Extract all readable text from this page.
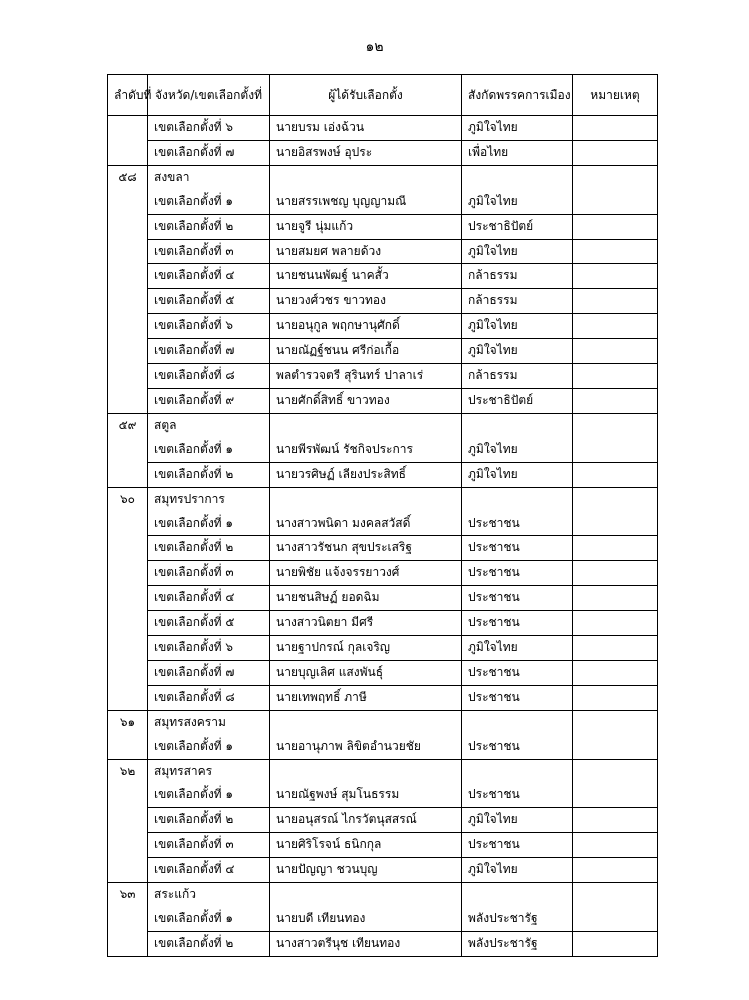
๑๒
ลำดับที่	จังหวัด/เขตเลือกตั้งที่	ผู้ได้รับเลือกตั้ง	สังกัดพรรคการเมือง	หมายเหตุ
	เขตเลือกตั้งที่ ๖	นายบรม เอ่งฉ้วน	ภูมิใจไทย	
	เขตเลือกตั้งที่ ๗	นายอิสรพงษ์ อุประ	เพื่อไทย	
๕๘	สงขลา			
	เขตเลือกตั้งที่ ๑	นายสรรเพชญ บุญญามณี	ภูมิใจไทย	
	เขตเลือกตั้งที่ ๒	นายจูรี นุ่มแก้ว	ประชาธิปัตย์	
	เขตเลือกตั้งที่ ๓	นายสมยศ พลายด้วง	ภูมิใจไทย	
	เขตเลือกตั้งที่ ๔	นายชนนพัฒฐ์ นาคสั้ว	กล้าธรรม	
	เขตเลือกตั้งที่ ๕	นายวงศ์วชร ขาวทอง	กล้าธรรม	
	เขตเลือกตั้งที่ ๖	นายอนุกูล พฤกษานุศักดิ์	ภูมิใจไทย	
	เขตเลือกตั้งที่ ๗	นายณัฏฐ์ชนน ศรีก่อเกื้อ	ภูมิใจไทย	
	เขตเลือกตั้งที่ ๘	พลตำรวจตรี สุรินทร์ ปาลาเร่	กล้าธรรม	
	เขตเลือกตั้งที่ ๙	นายศักดิ์สิทธิ์ ขาวทอง	ประชาธิปัตย์	
๕๙	สตูล			
	เขตเลือกตั้งที่ ๑	นายพีรพัฒน์ รัชกิจประการ	ภูมิใจไทย	
	เขตเลือกตั้งที่ ๒	นายวรศิษฏ์ เลียงประสิทธิ์	ภูมิใจไทย	
๖๐	สมุทรปราการ			
	เขตเลือกตั้งที่ ๑	นางสาวพนิดา มงคลสวัสดิ์	ประชาชน	
	เขตเลือกตั้งที่ ๒	นางสาวรัชนก สุขประเสริฐ	ประชาชน	
	เขตเลือกตั้งที่ ๓	นายพิชัย แจ้งจรรยาวงศ์	ประชาชน	
	เขตเลือกตั้งที่ ๔	นายชนสิษฏ์ ยอดฉิม	ประชาชน	
	เขตเลือกตั้งที่ ๕	นางสาวนิตยา มีศรี	ประชาชน	
	เขตเลือกตั้งที่ ๖	นายฐาปกรณ์ กุลเจริญ	ภูมิใจไทย	
	เขตเลือกตั้งที่ ๗	นายบุญเลิศ แสงพันธุ์	ประชาชน	
	เขตเลือกตั้งที่ ๘	นายเทพฤทธิ์ ภาษี	ประชาชน	
๖๑	สมุทรสงคราม			
	เขตเลือกตั้งที่ ๑	นายอานุภาพ ลิขิตอำนวยชัย	ประชาชน	
๖๒	สมุทรสาคร			
	เขตเลือกตั้งที่ ๑	นายณัฐพงษ์ สุมโนธรรม	ประชาชน	
	เขตเลือกตั้งที่ ๒	นายอนุสรณ์ ไกรวัตนุสสรณ์	ภูมิใจไทย	
	เขตเลือกตั้งที่ ๓	นายศิริโรจน์ ธนิกกุล	ประชาชน	
	เขตเลือกตั้งที่ ๔	นายปัญญา ชวนบุญ	ภูมิใจไทย	
๖๓	สระแก้ว			
	เขตเลือกตั้งที่ ๑	นายบดี เทียนทอง	พลังประชารัฐ	
	เขตเลือกตั้งที่ ๒	นางสาวตรีนุช เทียนทอง	พลังประชารัฐ	
